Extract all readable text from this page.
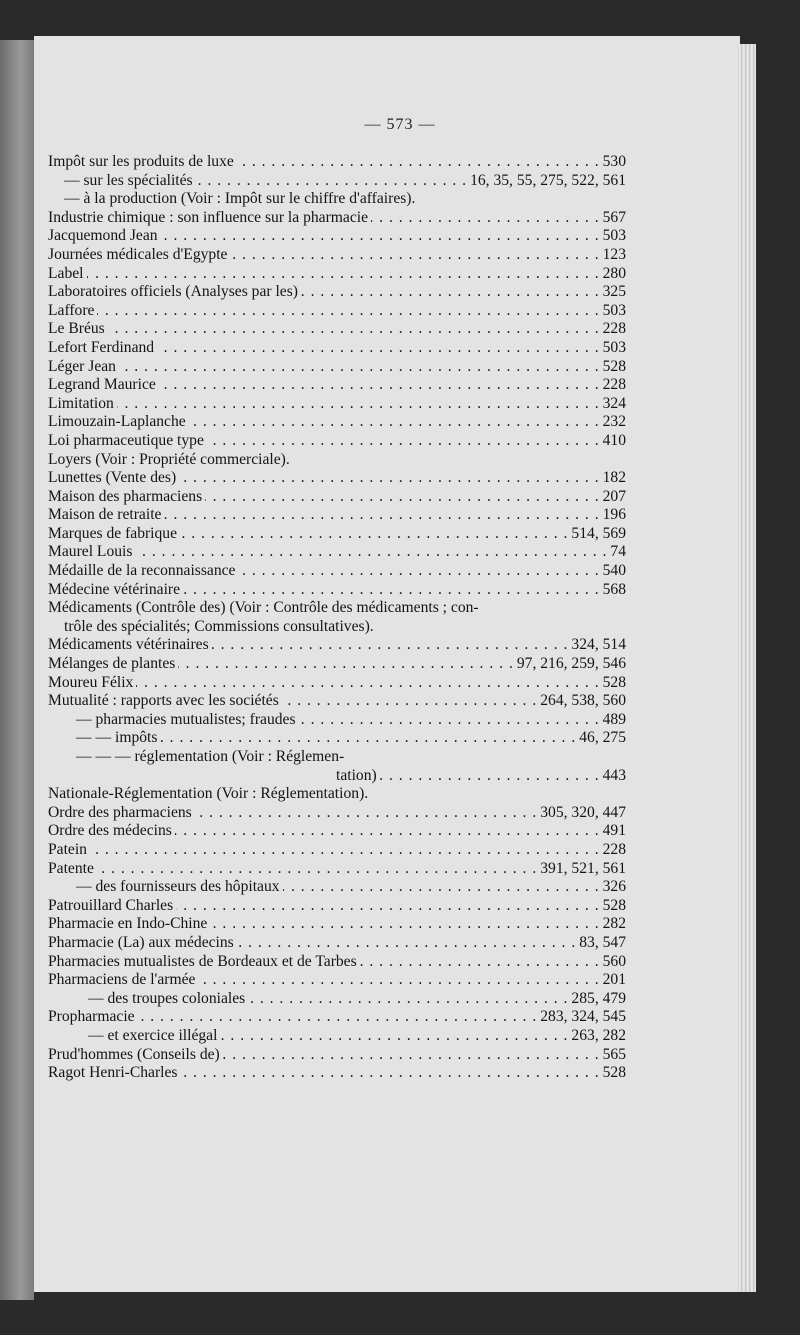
— 573 —
Impôt sur les produits de luxe . . .	530
— sur les spécialités . . .	16, 35, 55, 275, 522, 561
— à la production (Voir : Impôt sur le chiffre d'affaires).
Industrie chimique : son influence sur la pharmacie . . .	567
Jacquemond Jean . . .	503
Journées médicales d'Egypte . . .	123
Label . . .	280
Laboratoires officiels (Analyses par les) . . .	325
Laffore . . .	503
Le Bréus . . .	228
Lefort Ferdinand . . .	503
Léger Jean . . .	528
Legrand Maurice . . .	228
Limitation . . .	324
Limouzain-Laplanche . . .	232
Loi pharmaceutique type . . .	410
Loyers (Voir : Propriété commerciale).
Lunettes (Vente des) . . .	182
Maison des pharmaciens . . .	207
Maison de retraite . . .	196
Marques de fabrique . . .	514, 569
Maurel Louis . . .	74
Médaille de la reconnaissance . . .	540
Médecine vétérinaire . . .	568
Médicaments (Contrôle des) (Voir : Contrôle des médicaments ; con-
trôle des spécialités; Commissions consultatives).
Médicaments vétérinaires . . .	324, 514
Mélanges de plantes . . .	97, 216, 259, 546
Moureu Félix . . .	528
Mutualité : rapports avec les sociétés . . .	264, 538, 560
— pharmacies mutualistes; fraudes . . .	489
— — impôts . . .	46, 275
— — — réglementation (Voir : Réglemen-
tation) . . .	443
Nationale-Réglementation (Voir : Réglementation).
Ordre des pharmaciens . . .	305, 320, 447
Ordre des médecins . . .	491
Patein . . .	228
Patente . . .	391, 521, 561
— des fournisseurs des hôpitaux . . .	326
Patrouillard Charles . . .	528
Pharmacie en Indo-Chine . . .	282
Pharmacie (La) aux médecins . . .	83, 547
Pharmacies mutualistes de Bordeaux et de Tarbes . . .	560
Pharmaciens de l'armée . . .	201
— des troupes coloniales . . .	285, 479
Propharmacie . . .	283, 324, 545
— et exercice illégal . . .	263, 282
Prud'hommes (Conseils de) . . .	565
Ragot Henri-Charles . . .	528
